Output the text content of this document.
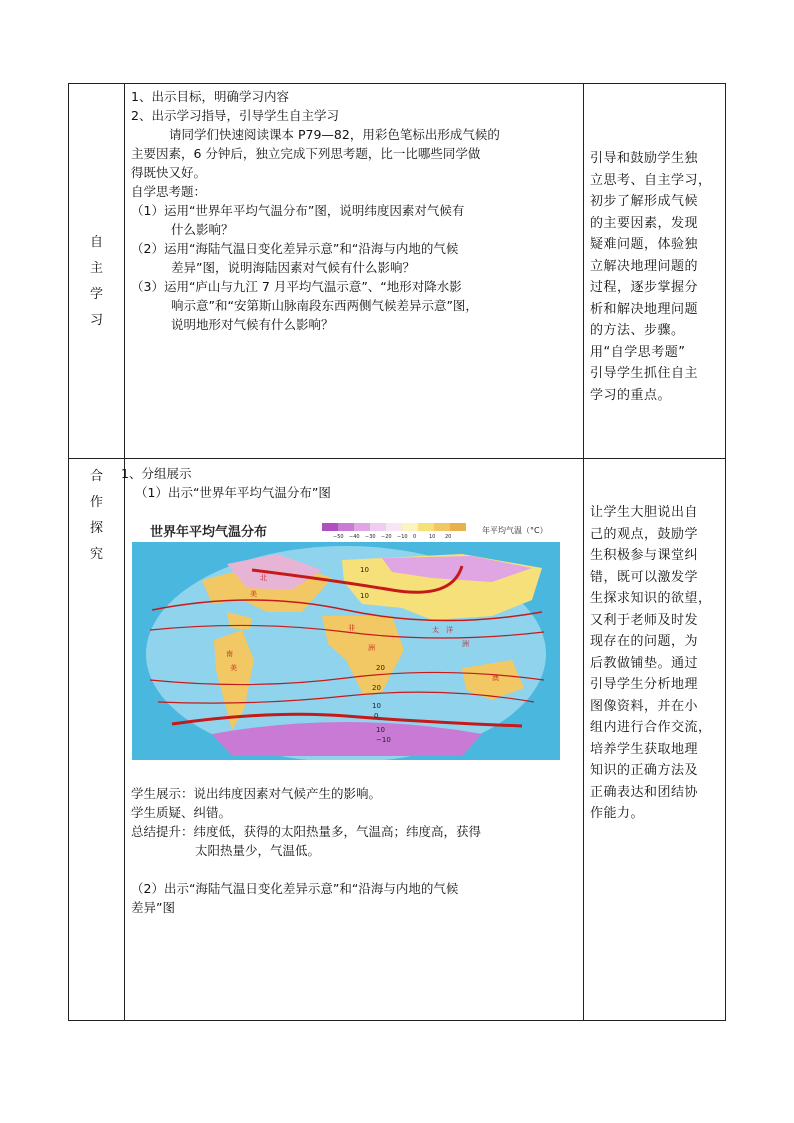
自
主
学
习

1、出示目标，明确学习内容

2、出示学习指导，引导学生自主学习

请同学们快速阅读课本 P79—82，用彩色笔标出形成气候的

主要因素，6 分钟后，独立完成下列思考题，比一比哪些同学做

得既快又好。

自学思考题：

（1）运用“世界年平均气温分布”图，说明纬度因素对气候有

什么影响？

（2）运用“海陆气温日变化差异示意”和“沿海与内地的气候

差异”图，说明海陆因素对气候有什么影响？

（3）运用“庐山与九江 7 月平均气温示意”、“地形对降水影

响示意”和“安第斯山脉南段东西两侧气候差异示意”图，

说明地形对气候有什么影响？

引导和鼓励学生独

立思考、自主学习，

初步了解形成气候

的主要因素，发现

疑难问题，体验独

立解决地理问题的

过程，逐步掌握分

析和解决地理问题

的方法、步骤。

用“自学思考题”

引导学生抓住自主

学习的重点。

合
作
探
究

1、分组展示

（1）出示“世界年平均气温分布”图

世界年平均气温分布	年平均气温（°C）
−50 −40 −30 −20 −10 0	10 20
10
10
20
20
10
0
10
−10
北
美
非
洲
南
美
澳
太 洋
洲

学生展示：说出纬度因素对气候产生的影响。

学生质疑、纠错。

总结提升：纬度低，获得的太阳热量多，气温高；纬度高，获得

太阳热量少，气温低。

（2）出示“海陆气温日变化差异示意”和“沿海与内地的气候

差异”图

让学生大胆说出自

己的观点，鼓励学

生积极参与课堂纠

错，既可以激发学

生探求知识的欲望，

又利于老师及时发

现存在的问题，为

后教做铺垫。通过

引导学生分析地理

图像资料，并在小

组内进行合作交流，

培养学生获取地理

知识的正确方法及

正确表达和团结协

作能力。
